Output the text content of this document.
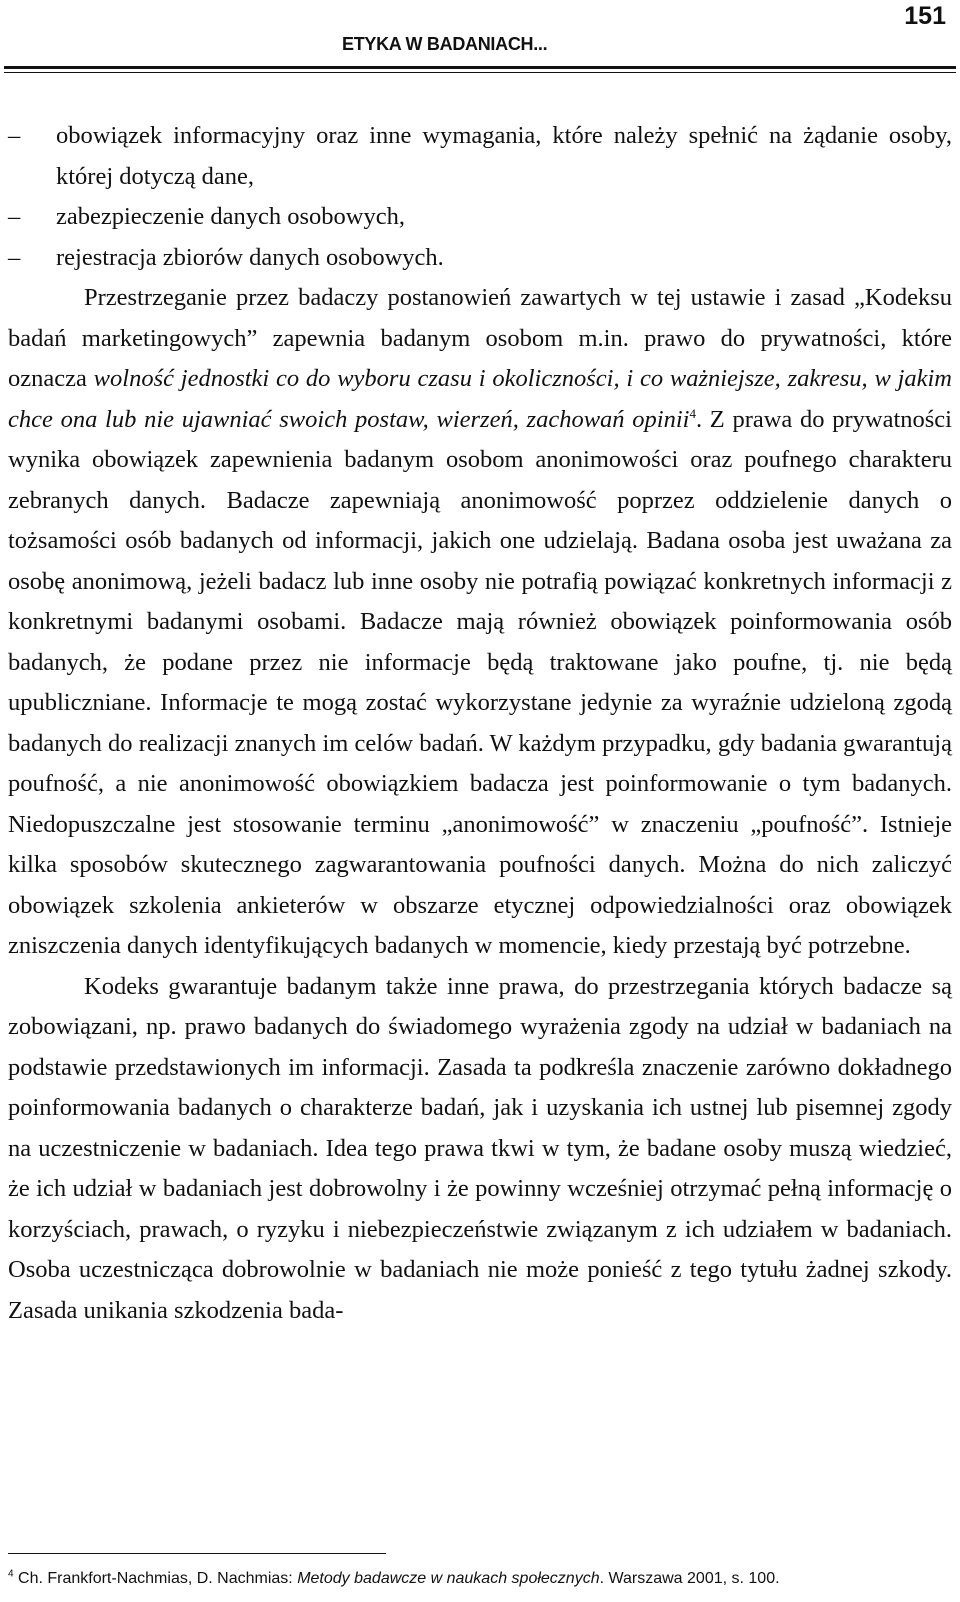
ETYKA W BADANIACH...
151

– obowiązek informacyjny oraz inne wymagania, które należy spełnić na żądanie osoby, której dotyczą dane,

– zabezpieczenie danych osobowych,

– rejestracja zbiorów danych osobowych.

Przestrzeganie przez badaczy postanowień zawartych w tej ustawie i zasad „Kodeksu badań marketingowych” zapewnia badanym osobom m.in. prawo do prywatności, które oznacza wolność jednostki co do wyboru czasu i okoliczności, i co ważniejsze, zakresu, w jakim chce ona lub nie ujawniać swoich postaw, wierzeń, zachowań opinii$^4$. Z prawa do prywatności wynika obowiązek zapewnienia badanym osobom anonimowości oraz poufnego charakteru zebranych danych. Badacze zapewniają anonimowość poprzez oddzielenie danych o tożsamości osób badanych od informacji, jakich one udzielają. Badana osoba jest uważana za osobę anonimową, jeżeli badacz lub inne osoby nie potrafią powiązać konkretnych informacji z konkretnymi badanymi osobami. Badacze mają również obowiązek poinformowania osób badanych, że podane przez nie informacje będą traktowane jako poufne, tj. nie będą upubliczniane. Informacje te mogą zostać wykorzystane jedynie za wyraźnie udzieloną zgodą badanych do realizacji znanych im celów badań. W każdym przypadku, gdy badania gwarantują poufność, a nie anonimowość obowiązkiem badacza jest poinformowanie o tym badanych. Niedopuszczalne jest stosowanie terminu „anonimowość” w znaczeniu „poufność”. Istnieje kilka sposobów skutecznego zagwarantowania poufności danych. Można do nich zaliczyć obowiązek szkolenia ankieterów w obszarze etycznej odpowiedzialności oraz obowiązek zniszczenia danych identyfikujących badanych w momencie, kiedy przestają być potrzebne.

Kodeks gwarantuje badanym także inne prawa, do przestrzegania których badacze są zobowiązani, np. prawo badanych do świadomego wyrażenia zgody na udział w badaniach na podstawie przedstawionych im informacji. Zasada ta podkreśla znaczenie zarówno dokładnego poinformowania badanych o charakterze badań, jak i uzyskania ich ustnej lub pisemnej zgody na uczestniczenie w badaniach. Idea tego prawa tkwi w tym, że badane osoby muszą wiedzieć, że ich udział w badaniach jest dobrowolny i że powinny wcześniej otrzymać pełną informację o korzyściach, prawach, o ryzyku i niebezpieczeństwie związanym z ich udziałem w badaniach. Osoba uczestnicząca dobrowolnie w badaniach nie może ponieść z tego tytułu żadnej szkody. Zasada unikania szkodzenia bada-

$^4$ Ch. Frankfort-Nachmias, D. Nachmias: Metody badawcze w naukach społecznych. Warszawa 2001, s. 100.
